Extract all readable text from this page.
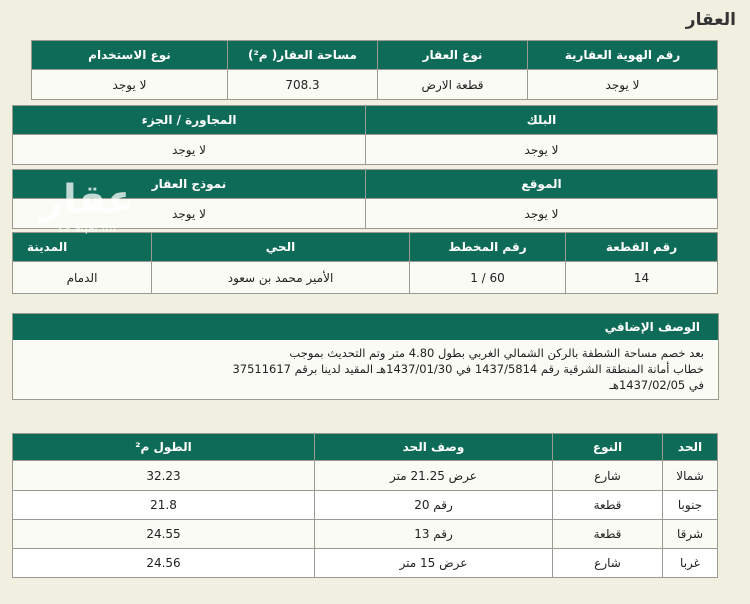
العقار
رقم الهوية العقارية	نوع العقار	مساحة العقار( م²)	نوع الاستخدام
لا يوجد	قطعة الارض	708.3	لا يوجد
البلك	المجاورة / الجزء
لا يوجد	لا يوجد
الموقع	نموذج العقار
لا يوجد	لا يوجد
رقم القطعة	رقم المخطط	الحي	المدينة
14	60 / 1	الأمير محمد بن سعود	الدمام
الوصف الإضافي
بعد خصم مساحة الشطفة بالركن الشمالي الغربي بطول 4.80 متر وتم التحديث بموجب
خطاب أمانة المنطقة الشرقية رقم 1437/5814 في 1437/01/30هـ المقيد لدينا برقم 37511617
في 1437/02/05هـ
الحد	النوع	وصف الحد	الطول م²
شمالا	شارع	عرض 21.25 متر	32.23
جنوبا	قطعة	رقم 20	21.8
شرقا	قطعة	رقم 13	24.55
غربا	شارع	عرض 15 متر	24.56
عقار
sa.aqar.fm
